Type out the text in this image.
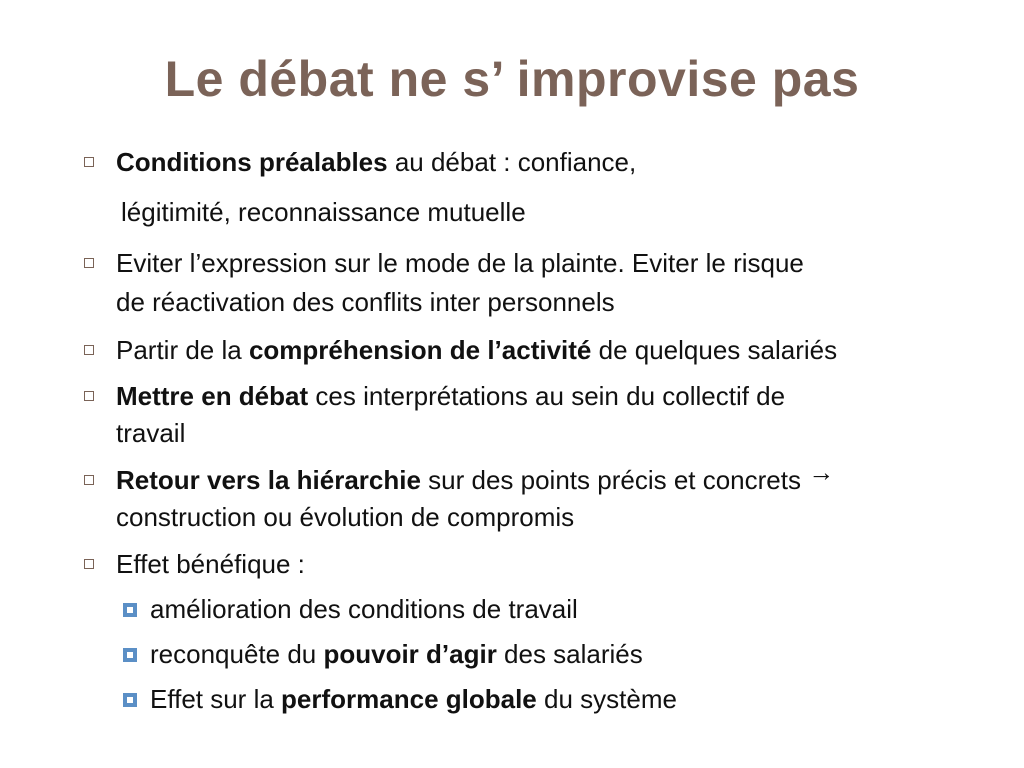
Le débat ne s’ improvise pas
Conditions préalables au débat : confiance,
légitimité, reconnaissance mutuelle
Eviter l’expression sur le mode de la plainte. Eviter le risque
de réactivation des conflits inter personnels
Partir de la compréhension de l’activité de quelques salariés
Mettre en débat ces interprétations au sein du collectif de
travail
Retour vers la hiérarchie sur des points précis et concrets →
construction ou évolution de compromis
Effet bénéfique :
amélioration des conditions de travail
reconquête du pouvoir d’agir des salariés
Effet sur la performance globale du système
